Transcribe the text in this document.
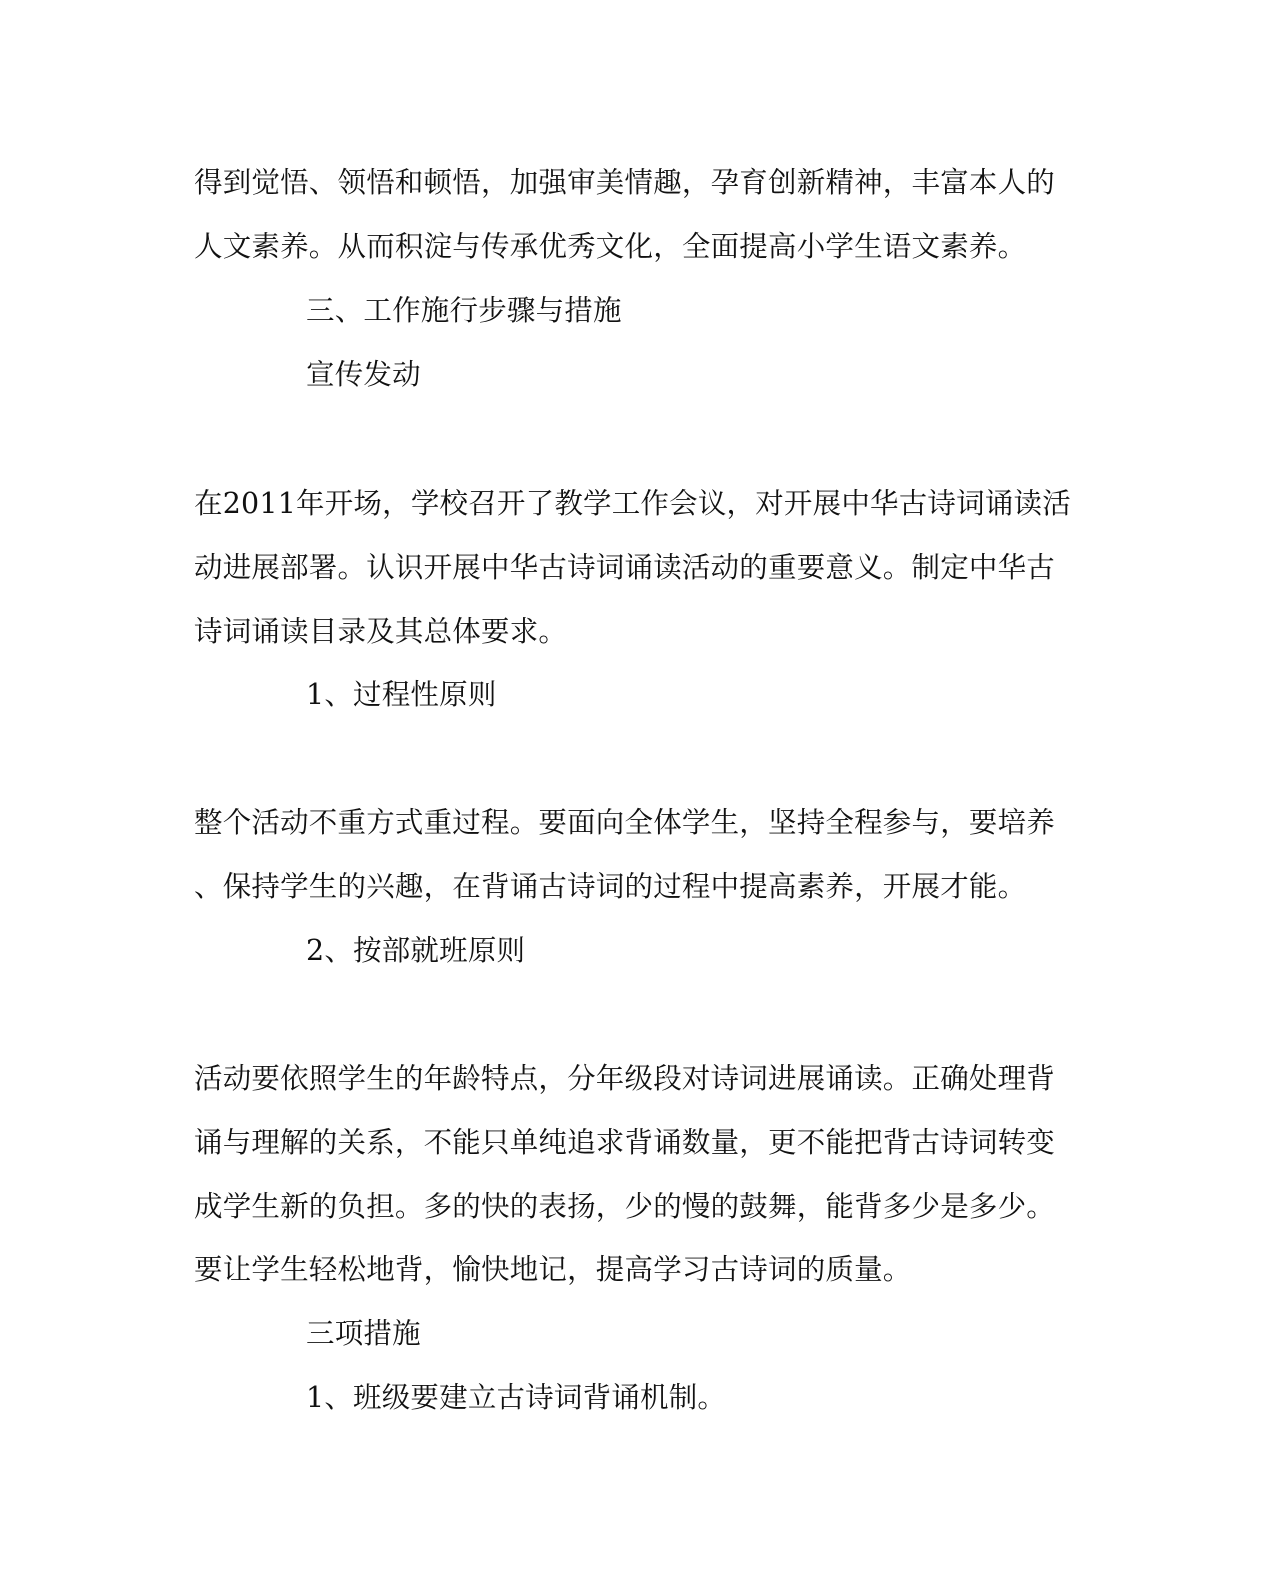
得到觉悟、领悟和顿悟，加强审美情趣，孕育创新精神，丰富本人的
人文素养。从而积淀与传承优秀文化，全面提高小学生语文素养。
三、工作施行步骤与措施
宣传发动
在2011年开场，学校召开了教学工作会议，对开展中华古诗词诵读活
动进展部署。认识开展中华古诗词诵读活动的重要意义。制定中华古
诗词诵读目录及其总体要求。
1、过程性原则
整个活动不重方式重过程。要面向全体学生，坚持全程参与，要培养
、保持学生的兴趣，在背诵古诗词的过程中提高素养，开展才能。
2、按部就班原则
活动要依照学生的年龄特点，分年级段对诗词进展诵读。正确处理背
诵与理解的关系，不能只单纯追求背诵数量，更不能把背古诗词转变
成学生新的负担。多的快的表扬，少的慢的鼓舞，能背多少是多少。
要让学生轻松地背，愉快地记，提高学习古诗词的质量。
三项措施
1、班级要建立古诗词背诵机制。
